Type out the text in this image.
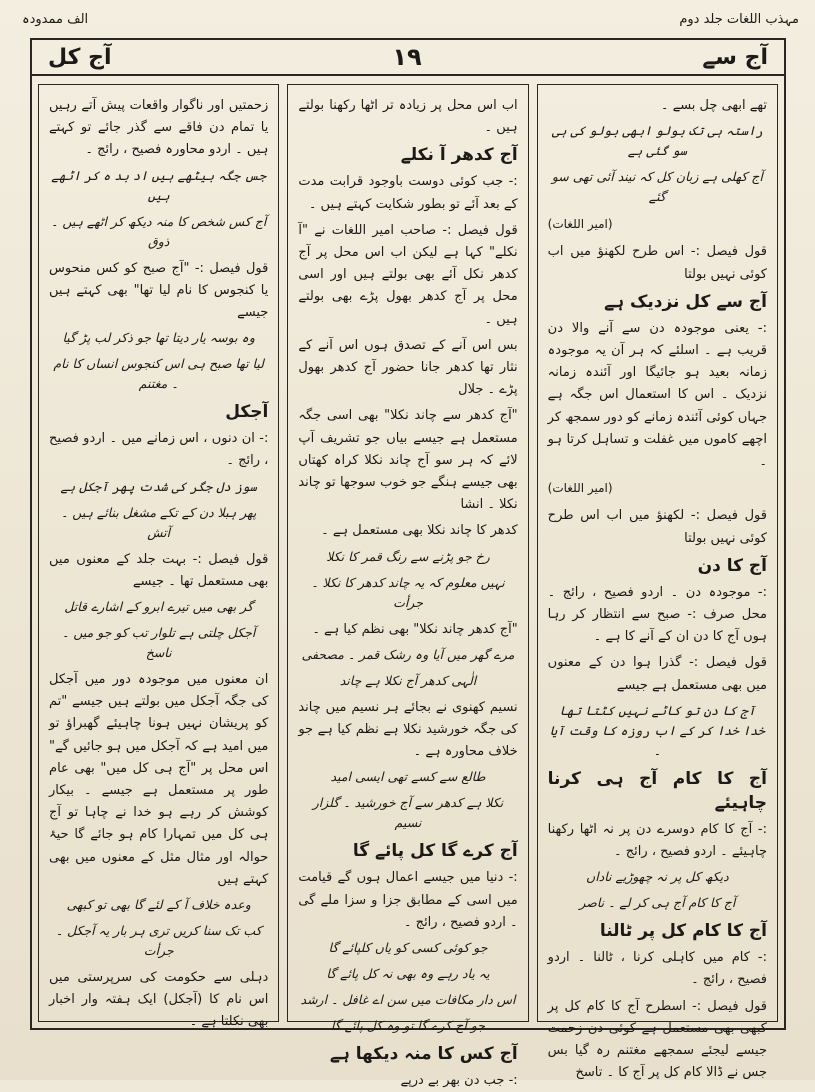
مہذب اللغات جلد دوم
الف ممدودہ
آج سے
١٩
آج کل

تھے ابھی چل بسے ۔

راستہ ہی تک بولو ابھی بولو کی ہی سو گئی ہے

آج کھلی ہے زبان کل کہ نیند آئی تھی سو گئے

(امیر اللغات)

قول فیصل :- اس طرح لکھنؤ میں اب کوئی نہیں بولتا

آج سے کل نزدیک ہے

:- یعنی موجودہ دن سے آنے والا دن قریب ہے ۔ اسلئے کہ ہر آن یہ موجودہ زمانہ بعید ہو جائیگا اور آئندہ زمانہ نزدیک ۔ اس کا استعمال اس جگہ ہے جہاں کوئی آئندہ زمانے کو دور سمجھ کر اچھے کاموں میں غفلت و تساہل کرتا ہو ۔

(امیر اللغات)

قول فیصل :- لکھنؤ میں اب اس طرح کوئی نہیں بولتا

آج کا دن

:- موجودہ دن ۔ اردو فصیح ، رائج ۔ محل صرف :- صبح سے انتظار کر رہا ہوں آج کا دن ان کے آنے کا ہے ۔

قول فیصل :- گذرا ہوا دن کے معنوں میں بھی مستعمل ہے جیسے

آج کا دن تو کاٹے نہیں کٹتا تھا خدا خدا کر کے اب روزہ کا وقت آیا ۔

آج کا کام آج ہی کرنا چاہیئے

:- آج کا کام دوسرے دن پر نہ اٹھا رکھنا چاہیئے ۔ اردو فصیح ، رائج ۔

دیکھ کل پر نہ چھوڑیے ناداں

آج کا کام آج ہی کر لے ۔ ناصر

آج کا کام کل پر ٹالنا

:- کام میں کاہلی کرنا ، ٹالنا ۔ اردو فصیح ، رائج ۔

قول فیصل :- اسطرح آج کا کام کل پر کبھی بھی مستعمل ہے کوئی دن زحمت جیسے لیجئے سمجھے مغتنم رہ گیا بس جس نے ڈالا کام کل پر آج کا ۔ تاسخ

اب اس محل پر زیادہ تر اٹھا رکھنا بولتے ہیں ۔

آج کدھر آ نکلے

:- جب کوئی دوست باوجود قرابت مدت کے بعد آئے تو بطور شکایت کہتے ہیں ۔

قول فیصل :- صاحب امیر اللغات نے "آ نکلے" کہا ہے لیکن اب اس محل پر آج کدھر نکل آئے بھی بولتے ہیں اور اسی محل پر آج کدھر بھول پڑے بھی بولتے ہیں ۔

بس اس آنے کے تصدق ہوں اس آنے کے نثار تھا کدھر جانا حضور آج کدھر بھول پڑے ۔ جلال

"آج کدھر سے چاند نکلا" بھی اسی جگہ مستعمل ہے جیسے بیاں جو تشریف آپ لائے کہ ہر سو آج چاند نکلا کراہ کھتاں بھی جیسے ہنگے جو خوب سوجھا تو چاند نکلا ۔ انشا

کدھر کا چاند نکلا بھی مستعمل ہے ۔

رخ جو پڑنے سے رنگ قمر کا نکلا

نہیں معلوم کہ یہ چاند کدھر کا نکلا ۔ جرأت

"آج کدھر چاند نکلا" بھی نظم کیا ہے ۔

مرے گھر میں آیا وہ رشک قمر ۔ مصحفی

الٰہی کدھر آج نکلا ہے چاند

نسیم کھنوی نے بجائے ہر نسیم میں چاند کی جگہ خورشید نکلا ہے نظم کیا ہے جو خلاف محاورہ ہے ۔

طالع سے کسے تھی ایسی امید

نکلا ہے کدھر سے آج خورشید ۔ گلزار نسیم

آج کرے گا کل پائے گا

:- دنیا میں جیسے اعمال ہوں گے قیامت میں اسی کے مطابق جزا و سزا ملے گی ۔ اردو فصیح ، رائج ۔

جو کوئی کسی کو یاں کلپائے گا

یہ یاد رہے وہ بھی نہ کل پائے گا

اس دار مکافات میں سن اے غافل ۔ ارشد

جو آج کرے گا تو وہ کل پائے گا

آج کس کا منہ دیکھا ہے

:- جب دن بھر بے درپے

زحمتیں اور ناگوار واقعات پیش آتے رہیں یا تمام دن فاقے سے گذر جائے تو کہتے ہیں ۔ اردو محاورہ فصیح ، رائج ۔

جس جگہ بیٹھے ہیں اد بد ہ کر اٹھے ہیں

آج کس شخص کا منہ دیکھ کر اٹھے ہیں ۔ ذوق

قول فیصل :- "آج صبح کو کس منحوس یا کنجوس کا نام لیا تھا" بھی کہتے ہیں جیسے

وہ بوسہ یار دیتا تھا جو ذکر لب پڑ گیا

لیا تھا صبح ہی اس کنجوس انساں کا نام ۔ مغتنم

آجکل

:- ان دنوں ، اس زمانے میں ۔ اردو فصیح ، رائج ۔

سوز دل جگر کی شدت پھر آجکل ہے

پھر ہبلا دن کے تکے مشغل بنائے ہیں ۔ آتش

قول فیصل :- بہت جلد کے معنوں میں بھی مستعمل تھا ۔ جیسے

گر بھی میں تیرے ابرو کے اشارے قاتل

آجکل چلتی ہے تلوار تب کو جو میں ۔ ناسخ

ان معنوں میں موجودہ دور میں آجکل کی جگہ آجکل میں بولتے ہیں جیسے "تم کو پریشان نہیں ہونا چاہیئے گھبراؤ تو میں امید ہے کہ آجکل میں ہو جائیں گے" اس محل پر "آج ہی کل میں" بھی عام طور پر مستعمل ہے جیسے ۔ بیکار کوشش کر رہے ہو خدا نے چاہا تو آج ہی کل میں تمہارا کام ہو جائے گا حیۂ حوالہ اور مثال مثل کے معنوں میں بھی کہتے ہیں

وعدہ خلاف آ کے لئے گا بھی تو کبھی

کب تک سنا کریں تری ہر بار یہ آجکل ۔ جرأت

دہلی سے حکومت کی سرپرستی میں اس نام کا (آجکل) ایک ہفتہ وار اخبار بھی نکلتا ہے ۔
